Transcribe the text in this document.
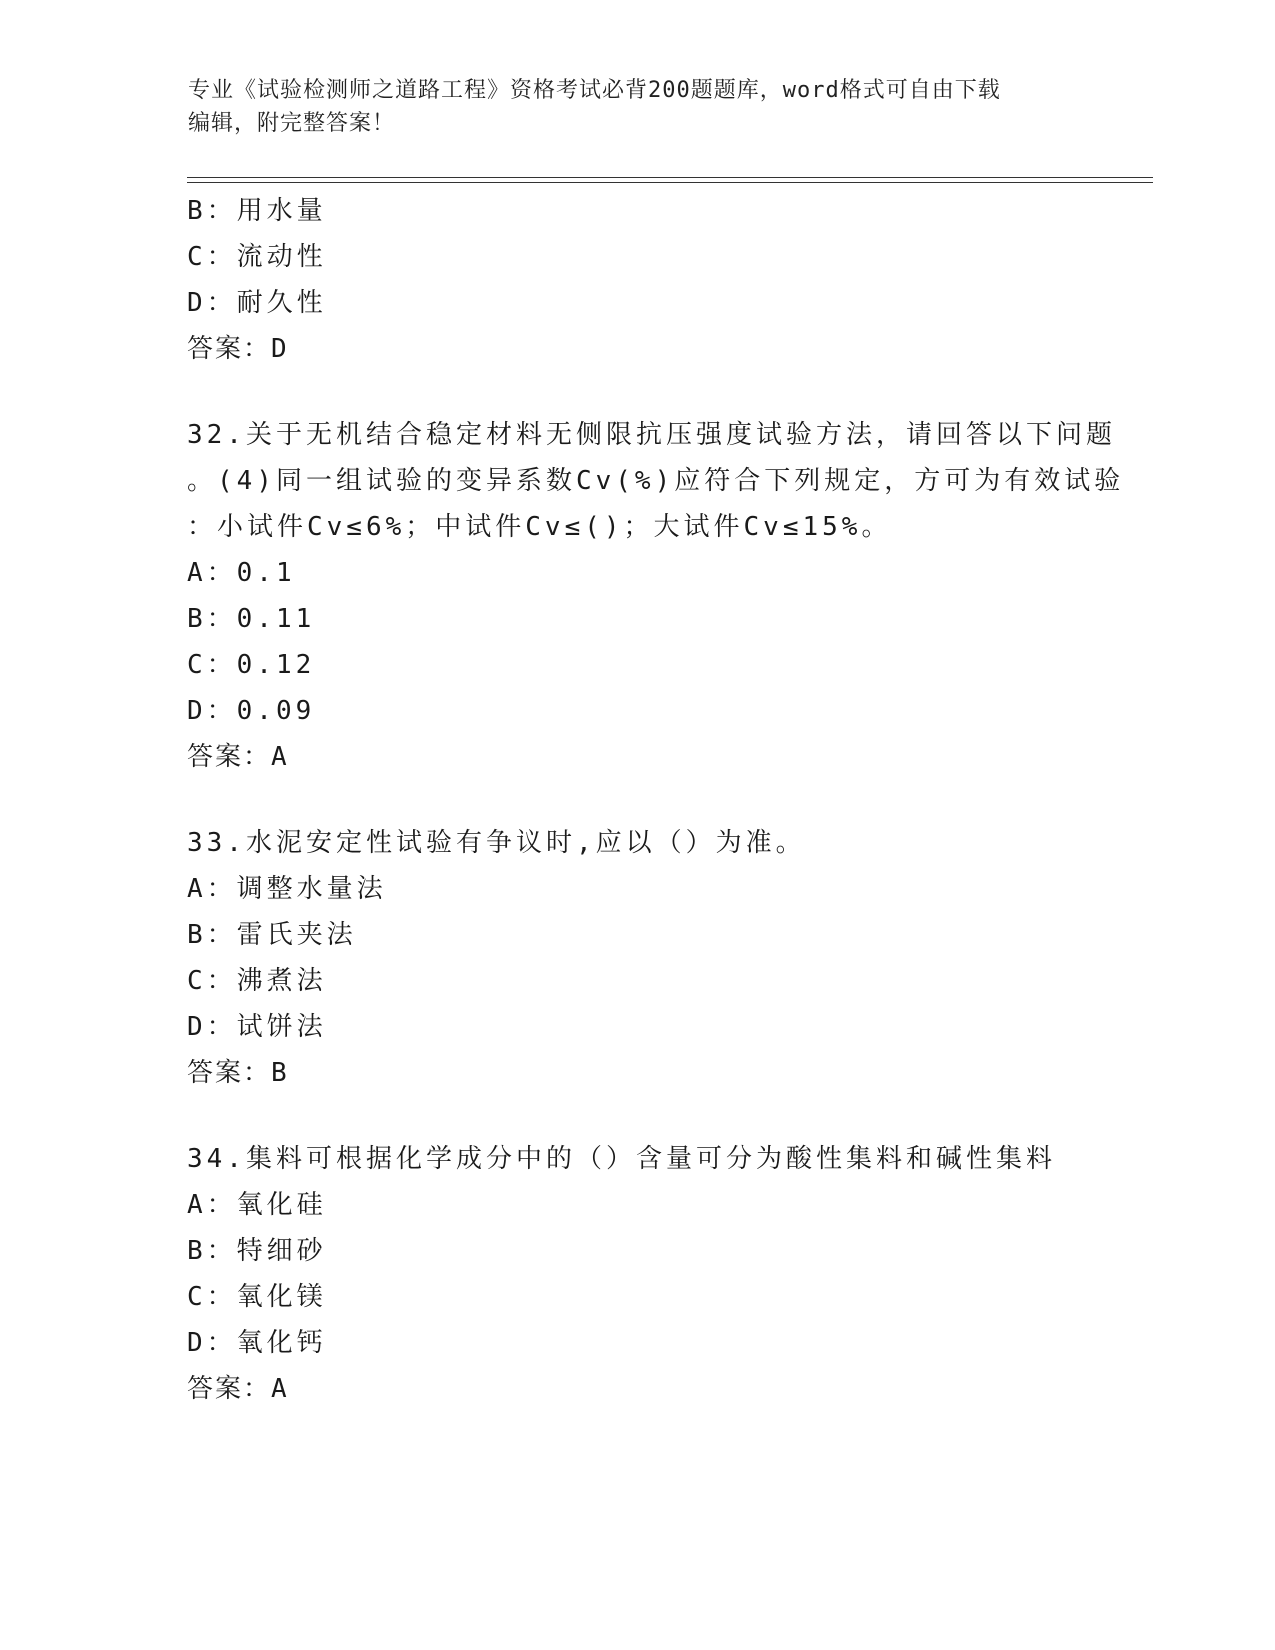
专业《试验检测师之道路工程》资格考试必背200题题库，word格式可自由下载
编辑，附完整答案！
B：用水量
C：流动性
D：耐久性
答案：D
32.关于无机结合稳定材料无侧限抗压强度试验方法，请回答以下问题
。(4)同一组试验的变异系数Cv(%)应符合下列规定，方可为有效试验
：小试件Cv≤6%；中试件Cv≤()；大试件Cv≤15%。
A：0.1
B：0.11
C：0.12
D：0.09
答案：A
33.水泥安定性试验有争议时,应以（）为准。
A：调整水量法
B：雷氏夹法
C：沸煮法
D：试饼法
答案：B
34.集料可根据化学成分中的（）含量可分为酸性集料和碱性集料
A：氧化硅
B：特细砂
C：氧化镁
D：氧化钙
答案：A
